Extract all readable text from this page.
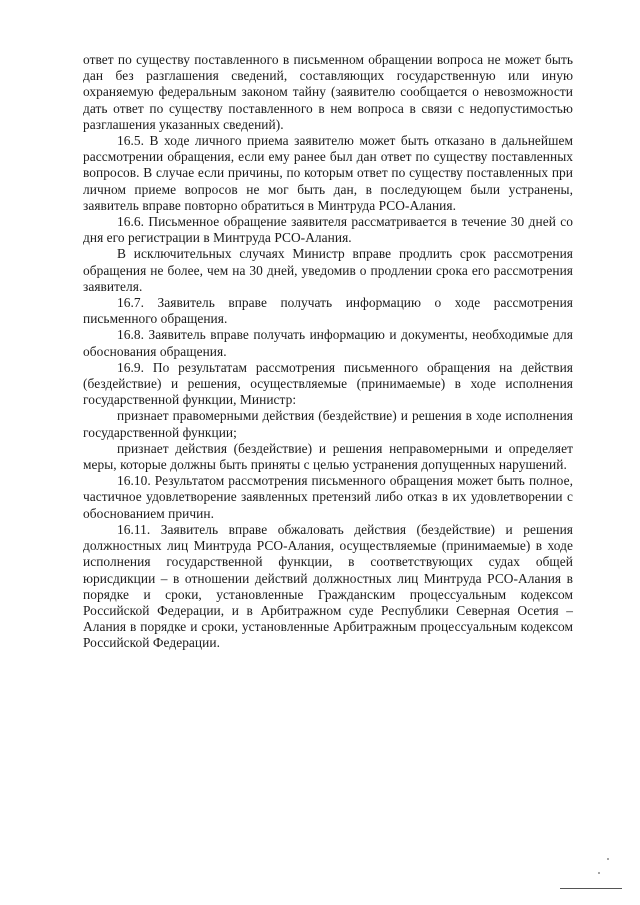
ответ по существу поставленного в письменном обращении вопроса не может быть дан без разглашения сведений, составляющих государственную или иную охраняемую федеральным законом тайну (заявителю сообщается о невозможности дать ответ по существу поставленного в нем вопроса в связи с недопустимостью разглашения указанных сведений).

16.5. В ходе личного приема заявителю может быть отказано в дальнейшем рассмотрении обращения, если ему ранее был дан ответ по существу поставленных вопросов. В случае если причины, по которым ответ по существу поставленных при личном приеме вопросов не мог быть дан, в последующем были устранены, заявитель вправе повторно обратиться в Минтруда РСО-Алания.

16.6. Письменное обращение заявителя рассматривается в течение 30 дней со дня его регистрации в Минтруда РСО-Алания.

В исключительных случаях Министр вправе продлить срок рассмотрения обращения не более, чем на 30 дней, уведомив о продлении срока его рассмотрения заявителя.

16.7. Заявитель вправе получать информацию о ходе рассмотрения письменного обращения.

16.8. Заявитель вправе получать информацию и документы, необходимые для обоснования обращения.

16.9. По результатам рассмотрения письменного обращения на действия (бездействие) и решения, осуществляемые (принимаемые) в ходе исполнения государственной функции, Министр:

признает правомерными действия (бездействие) и решения в ходе исполнения государственной функции;

признает действия (бездействие) и решения неправомерными и определяет меры, которые должны быть приняты с целью устранения допущенных нарушений.

16.10. Результатом рассмотрения письменного обращения может быть полное, частичное удовлетворение заявленных претензий либо отказ в их удовлетворении с обоснованием причин.

16.11. Заявитель вправе обжаловать действия (бездействие) и решения должностных лиц Минтруда РСО-Алания, осуществляемые (принимаемые) в ходе исполнения государственной функции, в соответствующих судах общей юрисдикции – в отношении действий должностных лиц Минтруда РСО-Алания в порядке и сроки, установленные Гражданским процессуальным кодексом Российской Федерации, и в Арбитражном суде Республики Северная Осетия – Алания в порядке и сроки, установленные Арбитражным процессуальным кодексом Российской Федерации.
